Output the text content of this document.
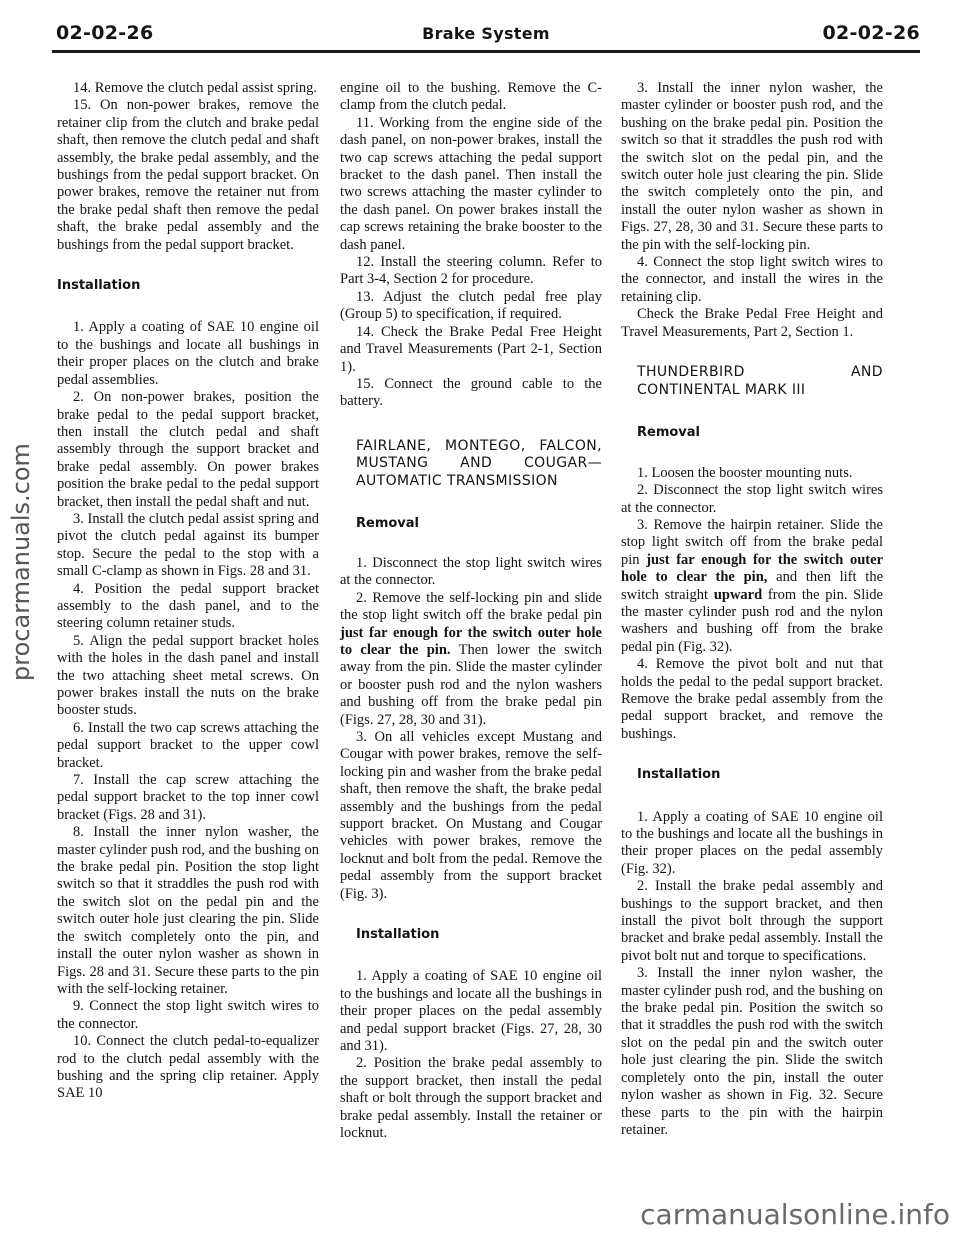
02-02-26	Brake System	02-02-26
procarmanuals.com
carmanualsonline.info

14. Remove the clutch pedal assist spring.

15. On non-power brakes, remove the retainer clip from the clutch and brake pedal shaft, then remove the clutch pedal and shaft assembly, the brake pedal assembly, and the bushings from the pedal support bracket. On power brakes, remove the retainer nut from the brake pedal shaft then remove the pedal shaft, the brake pedal assembly and the bushings from the pedal support bracket.

Installation

1. Apply a coating of SAE 10 engine oil to the bushings and locate all bushings in their proper places on the clutch and brake pedal assemblies.

2. On non-power brakes, position the brake pedal to the pedal support bracket, then install the clutch pedal and shaft assembly through the support bracket and brake pedal assembly. On power brakes position the brake pedal to the pedal support bracket, then install the pedal shaft and nut.

3. Install the clutch pedal assist spring and pivot the clutch pedal against its bumper stop. Secure the pedal to the stop with a small C-clamp as shown in Figs. 28 and 31.

4. Position the pedal support bracket assembly to the dash panel, and to the steering column retainer studs.

5. Align the pedal support bracket holes with the holes in the dash panel and install the two attaching sheet metal screws. On power brakes install the nuts on the brake booster studs.

6. Install the two cap screws attaching the pedal support bracket to the upper cowl bracket.

7. Install the cap screw attaching the pedal support bracket to the top inner cowl bracket (Figs. 28 and 31).

8. Install the inner nylon washer, the master cylinder push rod, and the bushing on the brake pedal pin. Position the stop light switch so that it straddles the push rod with the switch slot on the pedal pin and the switch outer hole just clearing the pin. Slide the switch completely onto the pin, and install the outer nylon washer as shown in Figs. 28 and 31. Secure these parts to the pin with the self-locking retainer.

9. Connect the stop light switch wires to the connector.

10. Connect the clutch pedal-to-equalizer rod to the clutch pedal assembly with the bushing and the spring clip retainer. Apply SAE 10

engine oil to the bushing. Remove the C-clamp from the clutch pedal.

11. Working from the engine side of the dash panel, on non-power brakes, install the two cap screws attaching the pedal support bracket to the dash panel. Then install the two screws attaching the master cylinder to the dash panel. On power brakes install the cap screws retaining the brake booster to the dash panel.

12. Install the steering column. Refer to Part 3-4, Section 2 for procedure.

13. Adjust the clutch pedal free play (Group 5) to specification, if required.

14. Check the Brake Pedal Free Height and Travel Measurements (Part 2-1, Section 1).

15. Connect the ground cable to the battery.

FAIRLANE, MONTEGO, FALCON, MUSTANG AND COUGAR— AUTOMATIC TRANSMISSION
Removal

1. Disconnect the stop light switch wires at the connector.

2. Remove the self-locking pin and slide the stop light switch off the brake pedal pin just far enough for the switch outer hole to clear the pin. Then lower the switch away from the pin. Slide the master cylinder or booster push rod and the nylon washers and bushing off from the brake pedal pin (Figs. 27, 28, 30 and 31).

3. On all vehicles except Mustang and Cougar with power brakes, remove the self-locking pin and washer from the brake pedal shaft, then remove the shaft, the brake pedal assembly and the bushings from the pedal support bracket. On Mustang and Cougar vehicles with power brakes, remove the locknut and bolt from the pedal. Remove the pedal assembly from the support bracket (Fig. 3).

Installation

1. Apply a coating of SAE 10 engine oil to the bushings and locate all the bushings in their proper places on the pedal assembly and pedal support bracket (Figs. 27, 28, 30 and 31).

2. Position the brake pedal assembly to the support bracket, then install the pedal shaft or bolt through the support bracket and brake pedal assembly. Install the retainer or locknut.

3. Install the inner nylon washer, the master cylinder or booster push rod, and the bushing on the brake pedal pin. Position the switch so that it straddles the push rod with the switch slot on the pedal pin, and the switch outer hole just clearing the pin. Slide the switch completely onto the pin, and install the outer nylon washer as shown in Figs. 27, 28, 30 and 31. Secure these parts to the pin with the self-locking pin.

4. Connect the stop light switch wires to the connector, and install the wires in the retaining clip.

Check the Brake Pedal Free Height and Travel Measurements, Part 2, Section 1.

THUNDERBIRD AND CONTINENTAL MARK III
Removal

1. Loosen the booster mounting nuts.

2. Disconnect the stop light switch wires at the connector.

3. Remove the hairpin retainer. Slide the stop light switch off from the brake pedal pin just far enough for the switch outer hole to clear the pin, and then lift the switch straight upward from the pin. Slide the master cylinder push rod and the nylon washers and bushing off from the brake pedal pin (Fig. 32).

4. Remove the pivot bolt and nut that holds the pedal to the pedal support bracket. Remove the brake pedal assembly from the pedal support bracket, and remove the bushings.

Installation

1. Apply a coating of SAE 10 engine oil to the bushings and locate all the bushings in their proper places on the pedal assembly (Fig. 32).

2. Install the brake pedal assembly and bushings to the support bracket, and then install the pivot bolt through the support bracket and brake pedal assembly. Install the pivot bolt nut and torque to specifications.

3. Install the inner nylon washer, the master cylinder push rod, and the bushing on the brake pedal pin. Position the switch so that it straddles the push rod with the switch slot on the pedal pin and the switch outer hole just clearing the pin. Slide the switch completely onto the pin, install the outer nylon washer as shown in Fig. 32. Secure these parts to the pin with the hairpin retainer.
